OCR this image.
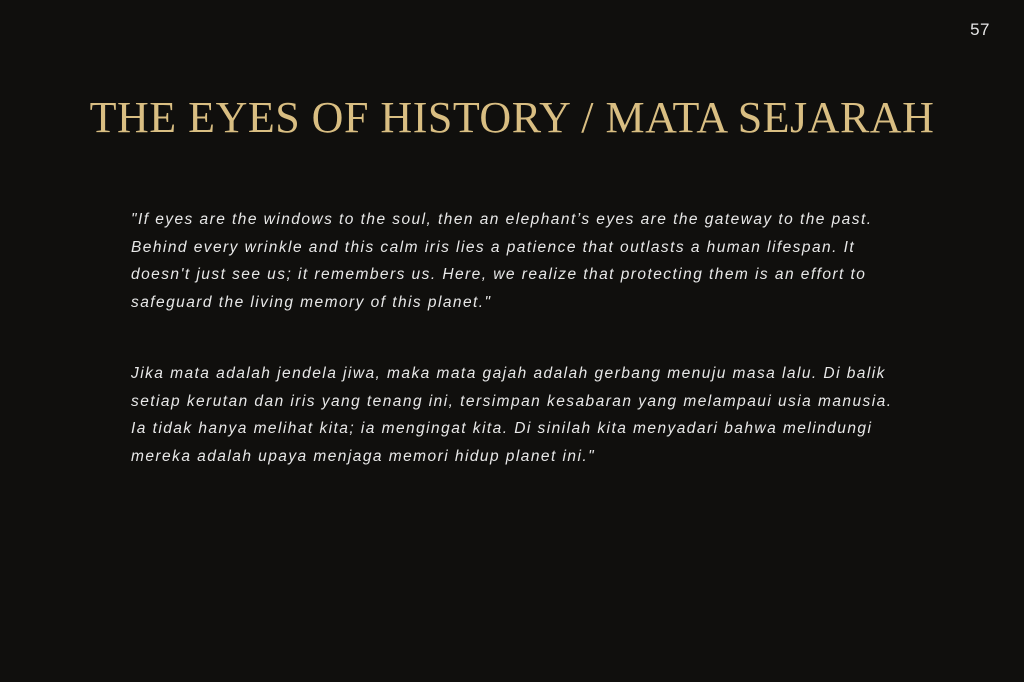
57
THE EYES OF HISTORY / MATA SEJARAH

"If eyes are the windows to the soul, then an elephant’s eyes are the gateway to the past.
Behind every wrinkle and this calm iris lies a patience that outlasts a human lifespan. It
doesn't just see us; it remembers us. Here, we realize that protecting them is an effort to
safeguard the living memory of this planet."

Jika mata adalah jendela jiwa, maka mata gajah adalah gerbang menuju masa lalu. Di balik
setiap kerutan dan iris yang tenang ini, tersimpan kesabaran yang melampaui usia manusia.
Ia tidak hanya melihat kita; ia mengingat kita. Di sinilah kita menyadari bahwa melindungi
mereka adalah upaya menjaga memori hidup planet ini."
